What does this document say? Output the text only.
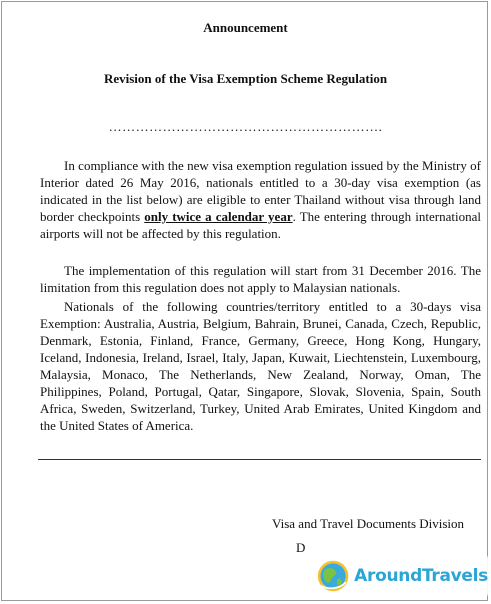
Announcement
Revision of the Visa Exemption Scheme Regulation
…………………………………………………….

In compliance with the new visa exemption regulation issued by the Ministry of Interior dated 26 May 2016, nationals entitled to a 30-day visa exemption (as indicated in the list below) are eligible to enter Thailand without visa through land border checkpoints only twice a calendar year. The entering through international airports will not be affected by this regulation.

The implementation of this regulation will start from 31 December 2016. The limitation from this regulation does not apply to Malaysian nationals.

Nationals of the following countries/territory entitled to a 30-days visa Exemption: Australia, Austria, Belgium, Bahrain, Brunei, Canada, Czech, Republic, Denmark, Estonia, Finland, France, Germany, Greece, Hong Kong, Hungary, Iceland, Indonesia, Ireland, Israel, Italy, Japan, Kuwait, Liechtenstein, Luxembourg, Malaysia, Monaco, The Netherlands, New Zealand, Norway, Oman, The Philippines, Poland, Portugal, Qatar, Singapore, Slovak, Slovenia, Spain, South Africa, Sweden, Switzerland, Turkey, United Arab Emirates, United Kingdom and the United States of America.

Visa and Travel Documents Division
D
AroundTravels
